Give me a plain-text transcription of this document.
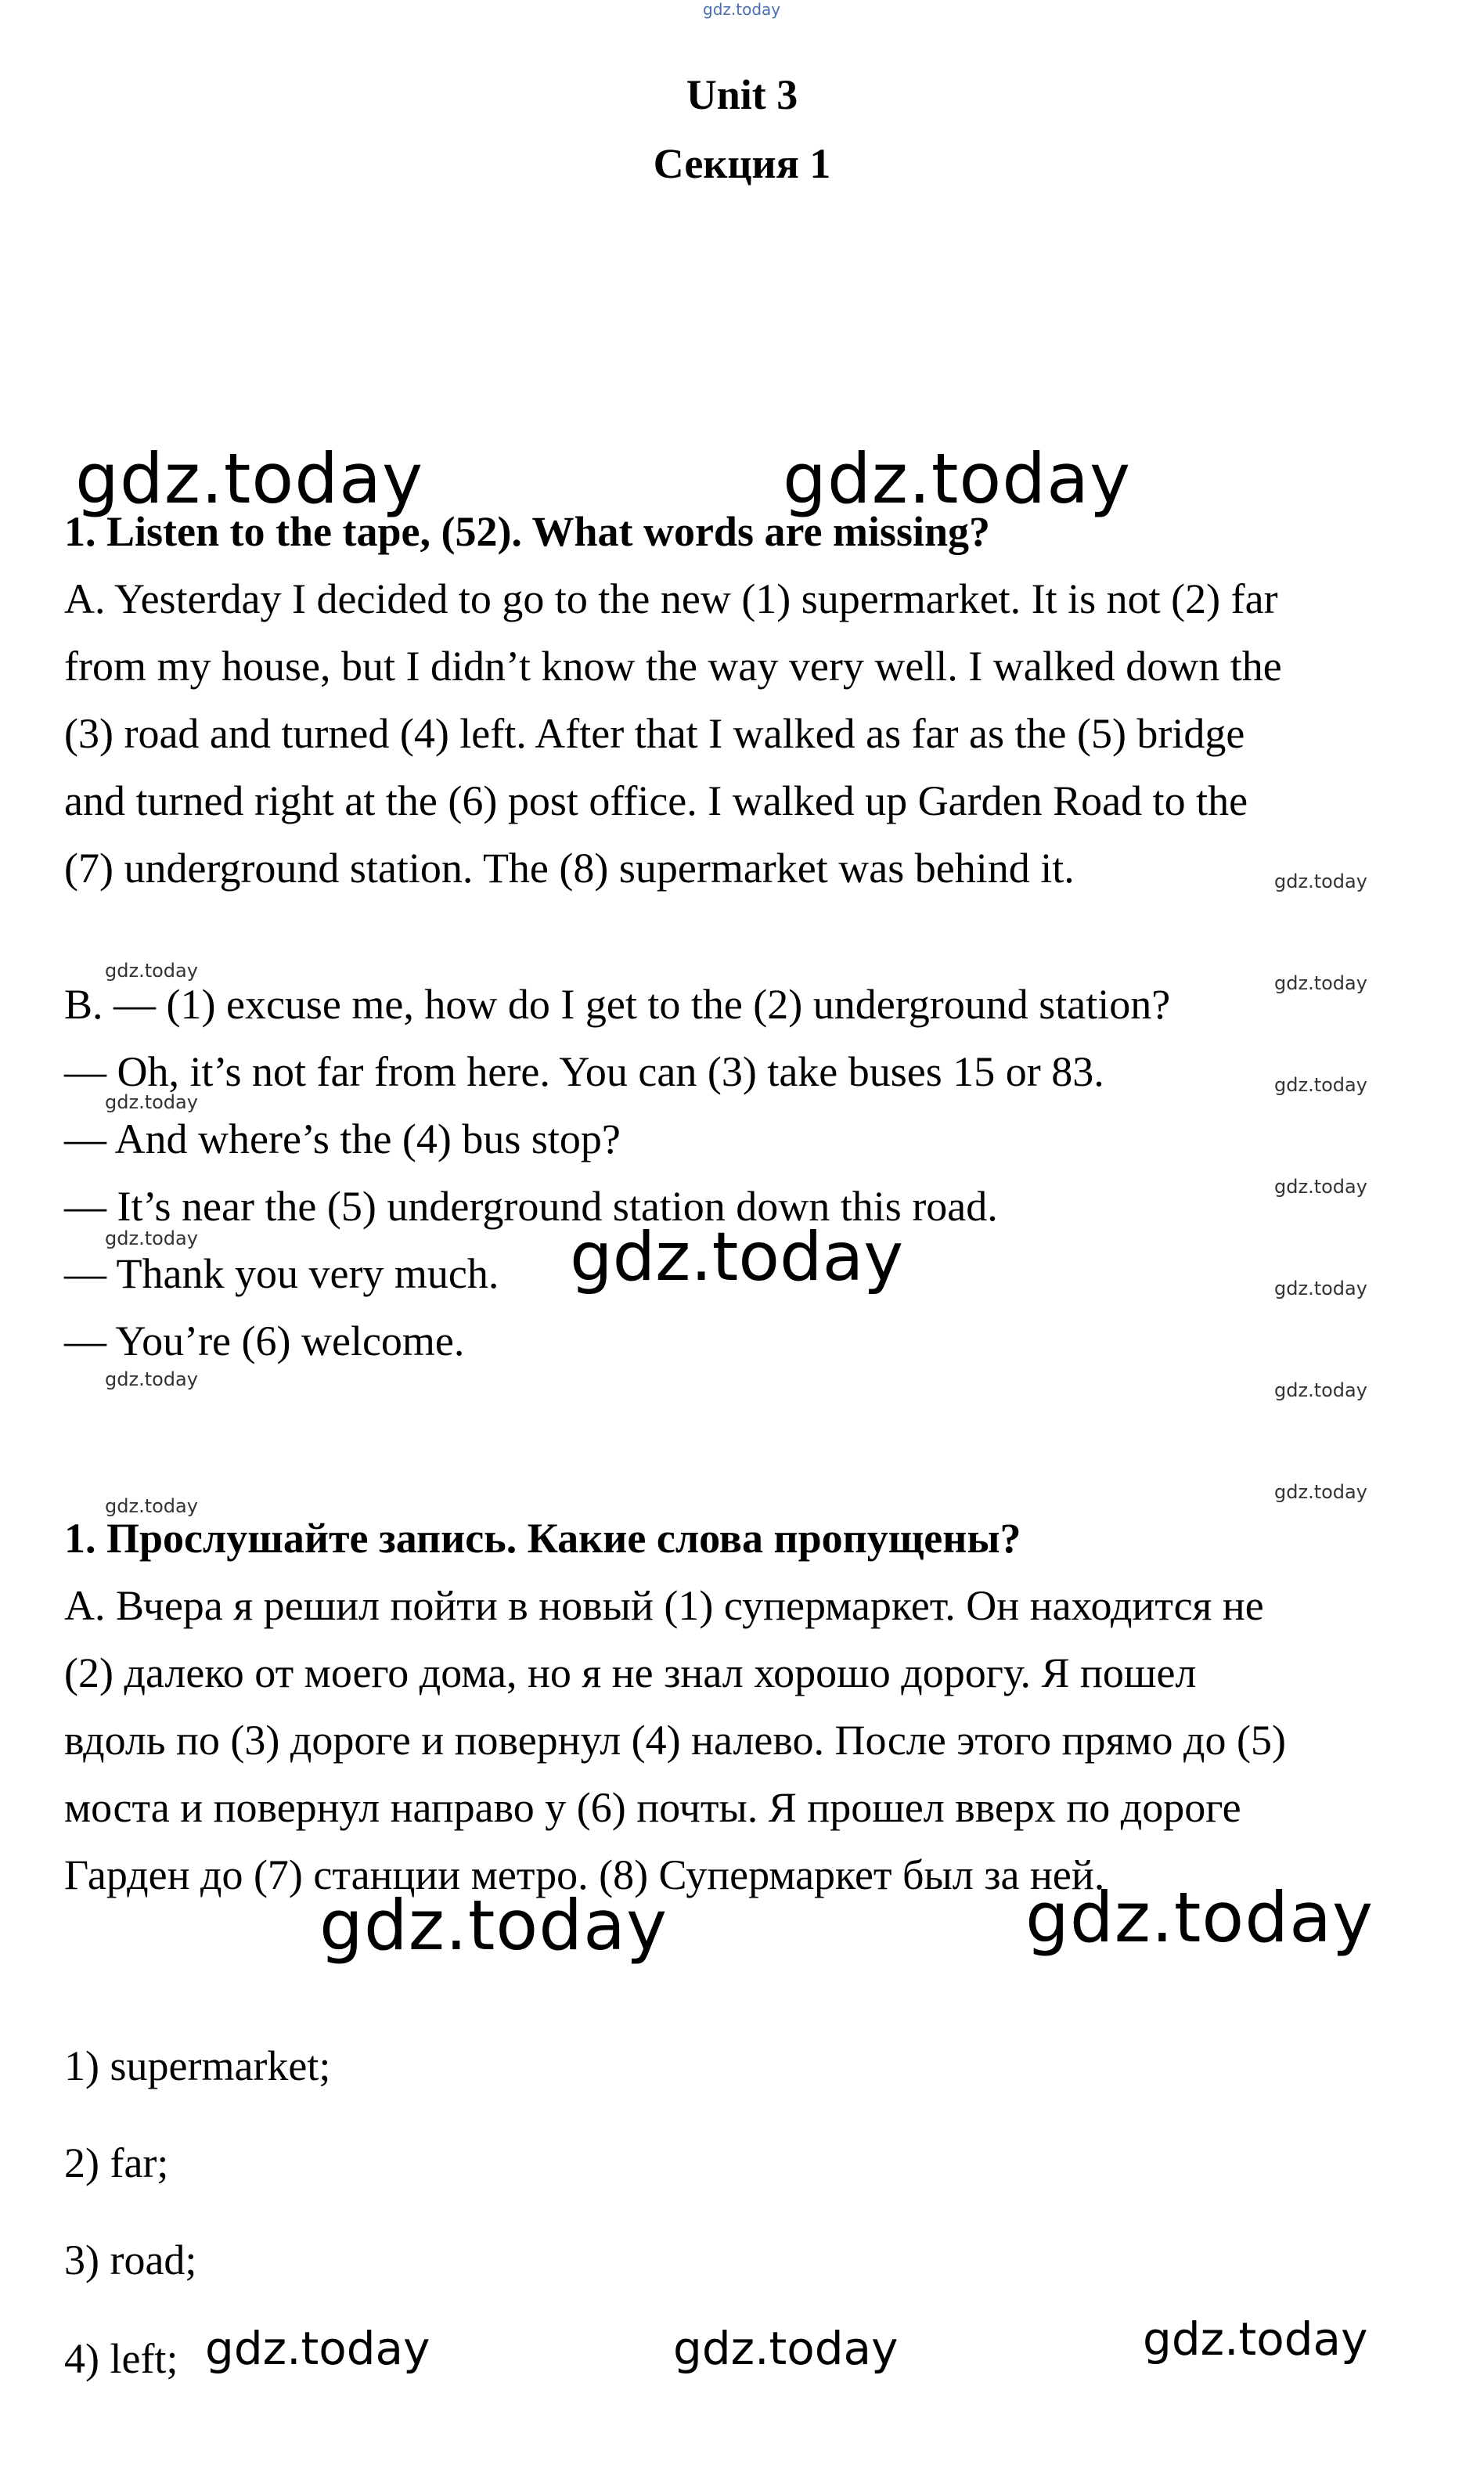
gdz.today
Unit 3
Секция 1
gdz.today	gdz.today
1. Listen to the tape, (52). What words are missing?
A. Yesterday I decided to go to the new (1) supermarket. It is not (2) far
from my house, but I didn’t know the way very well. I walked down the
(3) road and turned (4) left. After that I walked as far as the (5) bridge
and turned right at the (6) post office. I walked up Garden Road to the
(7) underground station. The (8) supermarket was behind it.	gdz.today
gdz.today
gdz.today
B. — (1) excuse me, how do I get to the (2) underground station?
— Oh, it’s not far from here. You can (3) take buses 15 or 83.	gdz.today
gdz.today
— And where’s the (4) bus stop?
gdz.today
— It’s near the (5) underground station down this road.
gdz.today	gdz.today
— Thank you very much.	gdz.today
— You’re (6) welcome.
gdz.today	gdz.today
gdz.today
gdz.today
1. Прослушайте запись. Какие слова пропущены?
А. Вчера я решил пойти в новый (1) супермаркет. Он находится не
(2) далеко от моего дома, но я не знал хорошо дорогу. Я пошел
вдоль по (3) дороге и повернул (4) налево. После этого прямо до (5)
моста и повернул направо у (6) почты. Я прошел вверх по дороге
Гарден до (7) станции метро. (8) Супермаркет был за ней.
gdz.today	gdz.today
1) supermarket;
2) far;
3) road;
4) left; gdz.today	gdz.today	gdz.today
